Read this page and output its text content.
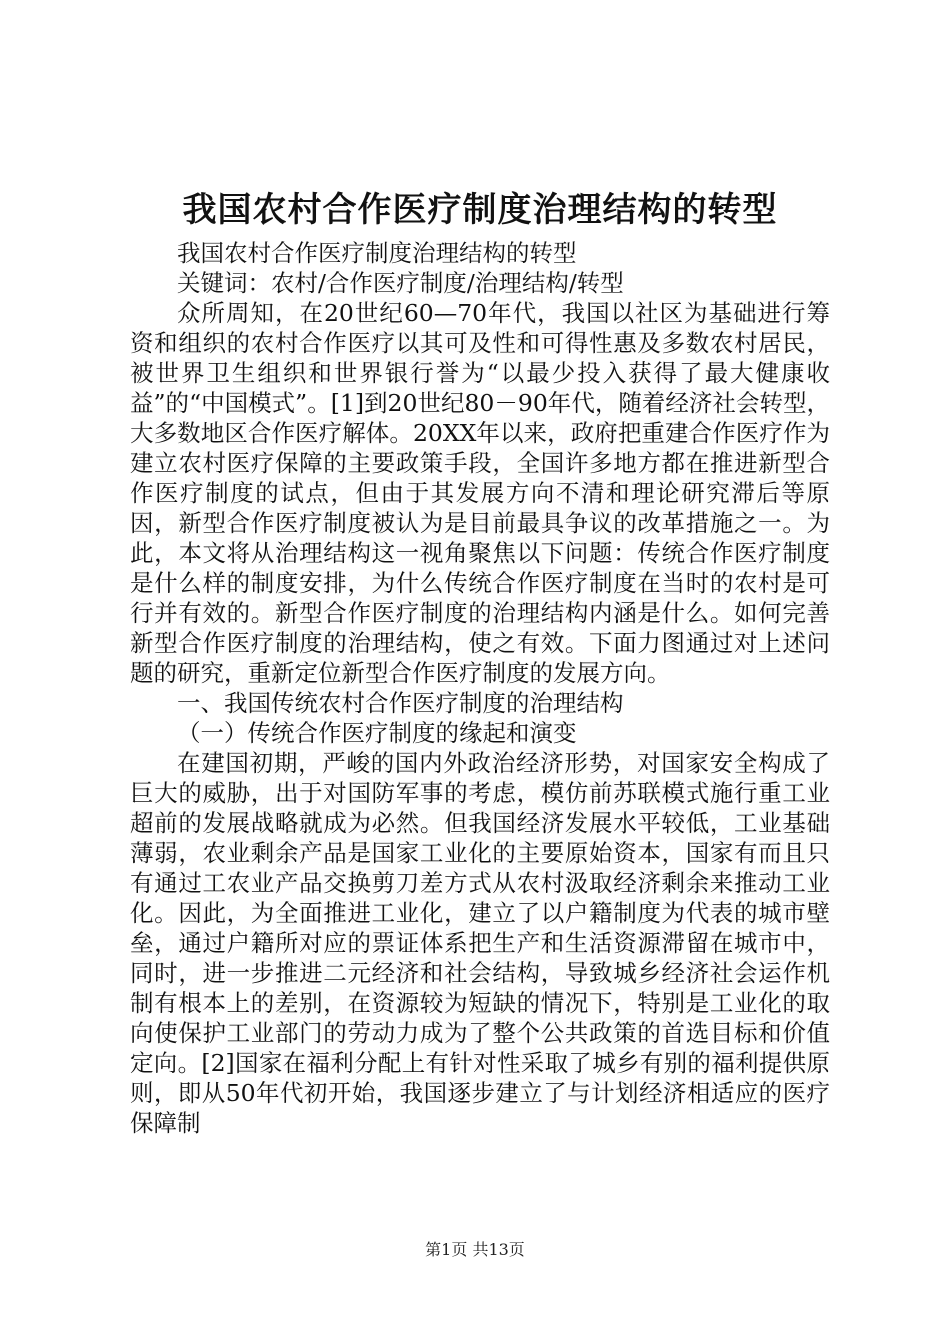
我国农村合作医疗制度治理结构的转型

我国农村合作医疗制度治理结构的转型

关键词：农村/合作医疗制度/治理结构/转型

众所周知，在20世纪60—70年代，我国以社区为基础进行筹资和组织的农村合作医疗以其可及性和可得性惠及多数农村居民，被世界卫生组织和世界银行誉为“以最少投入获得了最大健康收益”的“中国模式”。[1]到20世纪80－90年代，随着经济社会转型，大多数地区合作医疗解体。20XX年以来，政府把重建合作医疗作为建立农村医疗保障的主要政策手段，全国许多地方都在推进新型合作医疗制度的试点，但由于其发展方向不清和理论研究滞后等原因，新型合作医疗制度被认为是目前最具争议的改革措施之一。为此，本文将从治理结构这一视角聚焦以下问题：传统合作医疗制度是什么样的制度安排，为什么传统合作医疗制度在当时的农村是可行并有效的。新型合作医疗制度的治理结构内涵是什么。如何完善新型合作医疗制度的治理结构，使之有效。下面力图通过对上述问题的研究，重新定位新型合作医疗制度的发展方向。

一、我国传统农村合作医疗制度的治理结构

（一）传统合作医疗制度的缘起和演变

在建国初期，严峻的国内外政治经济形势，对国家安全构成了巨大的威胁，出于对国防军事的考虑，模仿前苏联模式施行重工业超前的发展战略就成为必然。但我国经济发展水平较低，工业基础薄弱，农业剩余产品是国家工业化的主要原始资本，国家有而且只有通过工农业产品交换剪刀差方式从农村汲取经济剩余来推动工业化。因此，为全面推进工业化，建立了以户籍制度为代表的城市壁垒，通过户籍所对应的票证体系把生产和生活资源滞留在城市中，同时，进一步推进二元经济和社会结构，导致城乡经济社会运作机制有根本上的差别，在资源较为短缺的情况下，特别是工业化的取向使保护工业部门的劳动力成为了整个公共政策的首选目标和价值定向。[2]国家在福利分配上有针对性采取了城乡有别的福利提供原则，即从50年代初开始，我国逐步建立了与计划经济相适应的医疗保障制

第1页 共13页
